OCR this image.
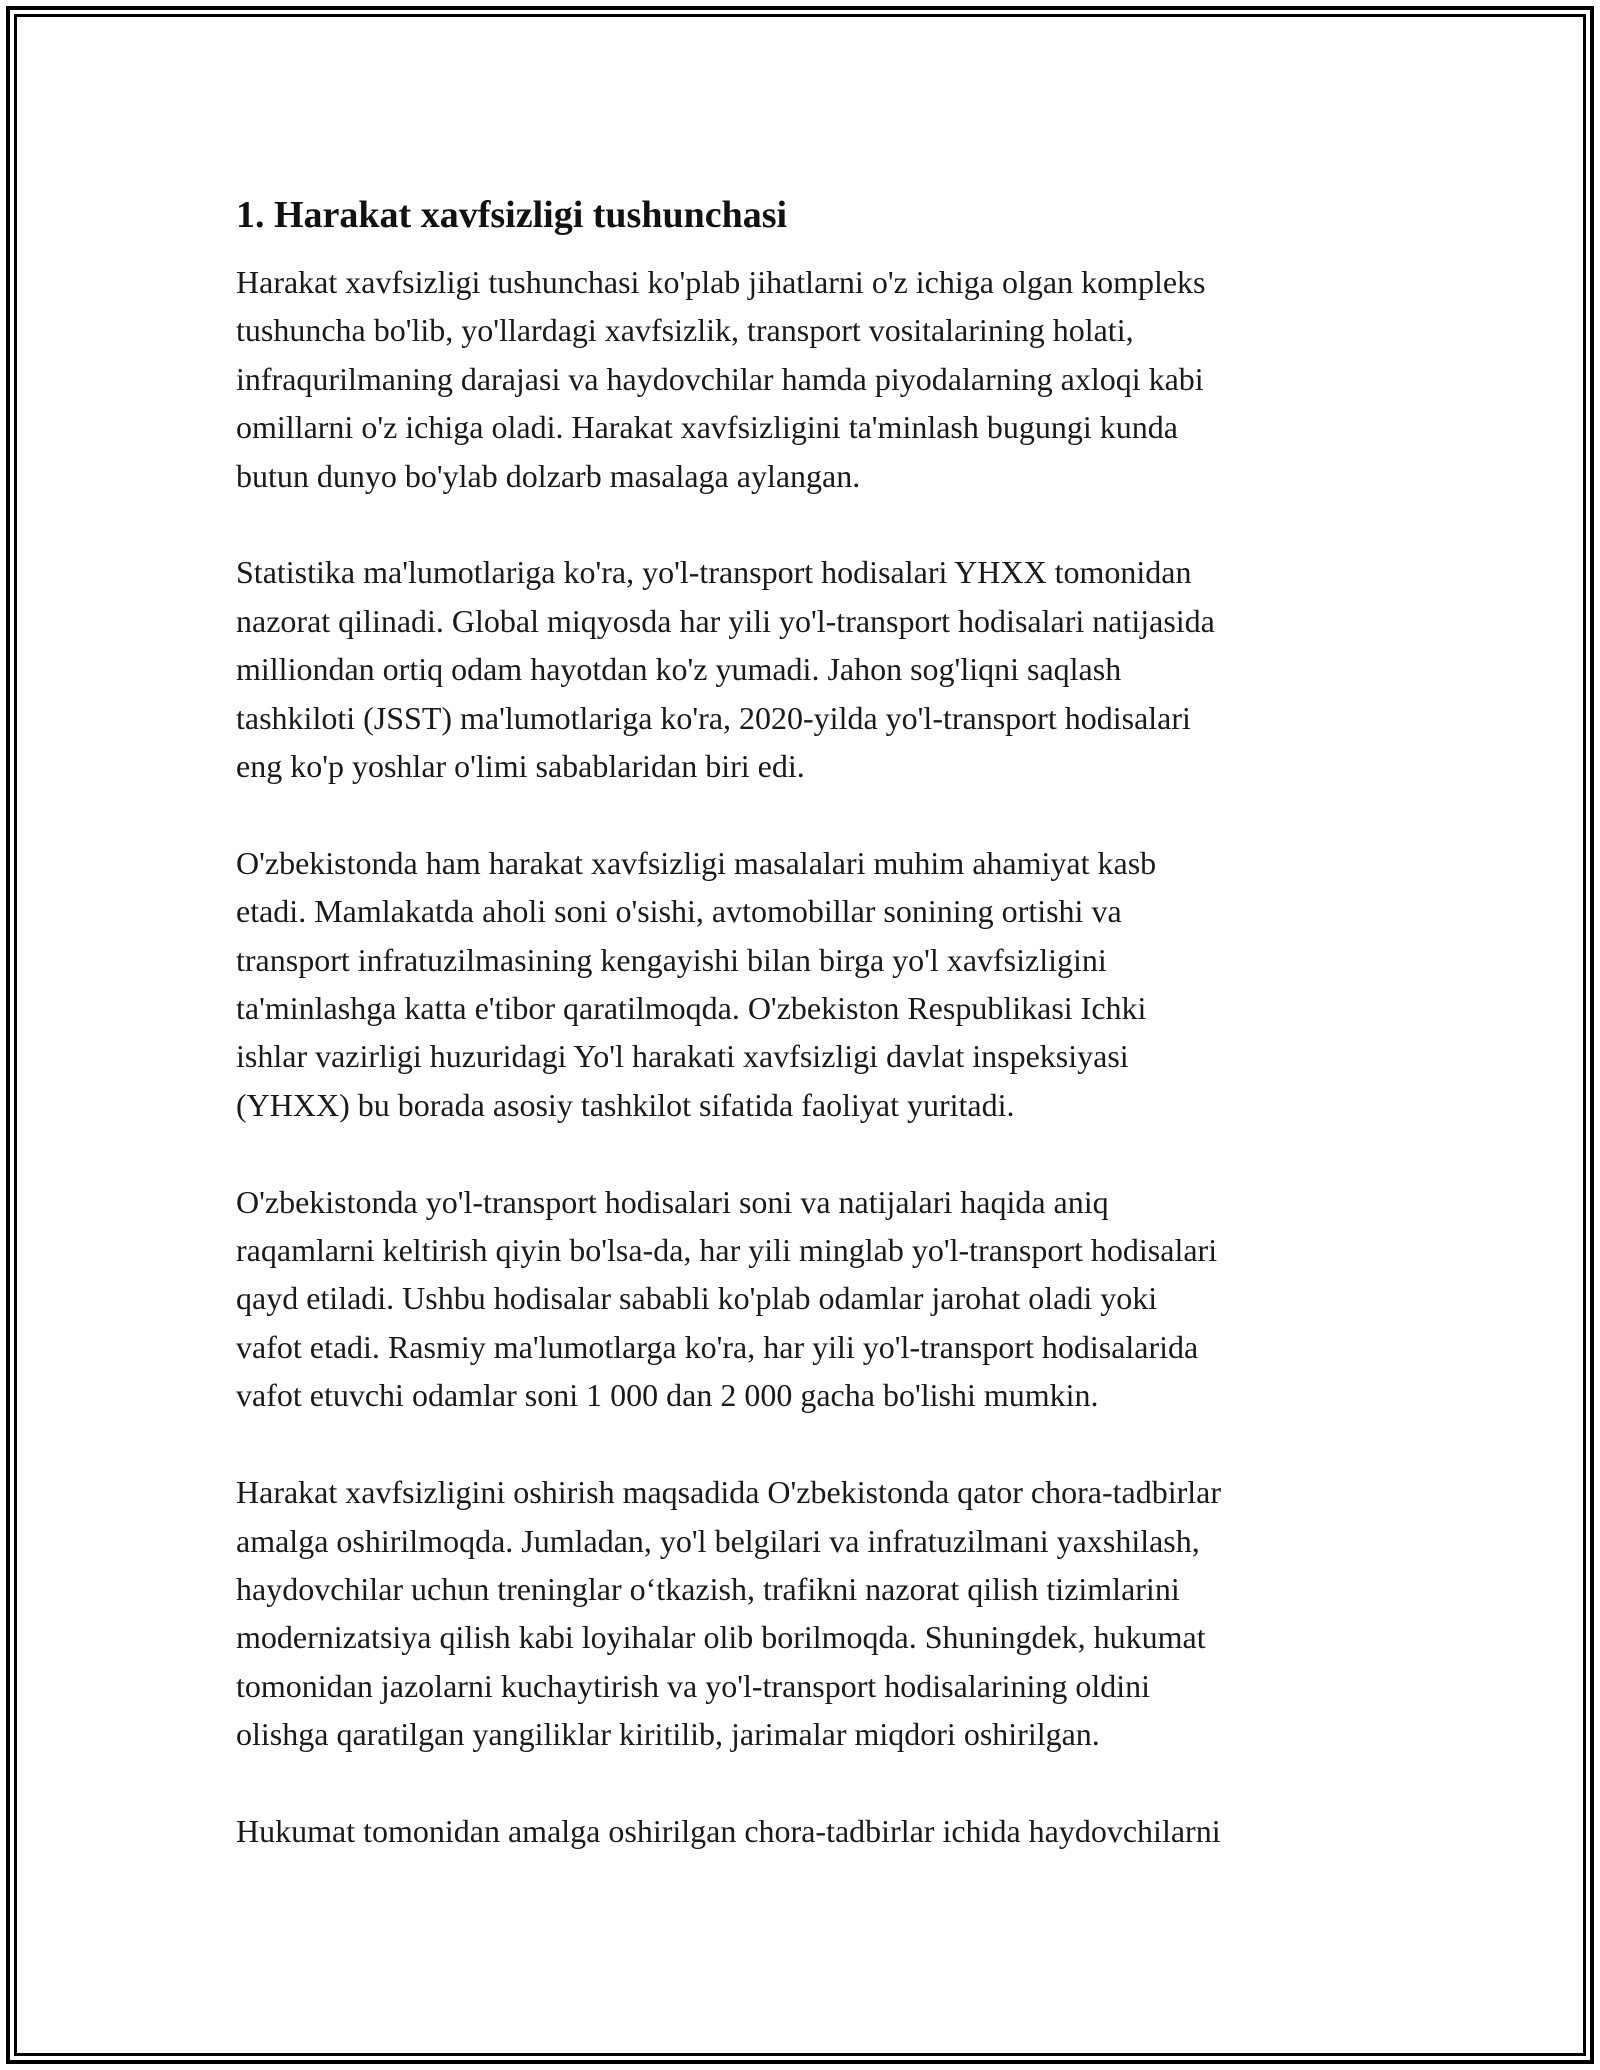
1. Harakat xavfsizligi tushunchasi

Harakat xavfsizligi tushunchasi ko'plab jihatlarni o'z ichiga olgan kompleks
tushuncha bo'lib, yo'llardagi xavfsizlik, transport vositalarining holati,
infraqurilmaning darajasi va haydovchilar hamda piyodalarning axloqi kabi
omillarni o'z ichiga oladi. Harakat xavfsizligini ta'minlash bugungi kunda
butun dunyo bo'ylab dolzarb masalaga aylangan.

Statistika ma'lumotlariga ko'ra, yo'l-transport hodisalari YHXX tomonidan
nazorat qilinadi. Global miqyosda har yili yo'l-transport hodisalari natijasida
milliondan ortiq odam hayotdan ko'z yumadi. Jahon sog'liqni saqlash
tashkiloti (JSST) ma'lumotlariga ko'ra, 2020-yilda yo'l-transport hodisalari
eng ko'p yoshlar o'limi sabablaridan biri edi.

O'zbekistonda ham harakat xavfsizligi masalalari muhim ahamiyat kasb
etadi. Mamlakatda aholi soni o'sishi, avtomobillar sonining ortishi va
transport infratuzilmasining kengayishi bilan birga yo'l xavfsizligini
ta'minlashga katta e'tibor qaratilmoqda. O'zbekiston Respublikasi Ichki
ishlar vazirligi huzuridagi Yo'l harakati xavfsizligi davlat inspeksiyasi
(YHXX) bu borada asosiy tashkilot sifatida faoliyat yuritadi.

O'zbekistonda yo'l-transport hodisalari soni va natijalari haqida aniq
raqamlarni keltirish qiyin bo'lsa-da, har yili minglab yo'l-transport hodisalari
qayd etiladi. Ushbu hodisalar sababli ko'plab odamlar jarohat oladi yoki
vafot etadi. Rasmiy ma'lumotlarga ko'ra, har yili yo'l-transport hodisalarida
vafot etuvchi odamlar soni 1 000 dan 2 000 gacha bo'lishi mumkin.

Harakat xavfsizligini oshirish maqsadida O'zbekistonda qator chora-tadbirlar
amalga oshirilmoqda. Jumladan, yo'l belgilari va infratuzilmani yaxshilash,
haydovchilar uchun treninglar o‘tkazish, trafikni nazorat qilish tizimlarini
modernizatsiya qilish kabi loyihalar olib borilmoqda. Shuningdek, hukumat
tomonidan jazolarni kuchaytirish va yo'l-transport hodisalarining oldini
olishga qaratilgan yangiliklar kiritilib, jarimalar miqdori oshirilgan.

Hukumat tomonidan amalga oshirilgan chora-tadbirlar ichida haydovchilarni
